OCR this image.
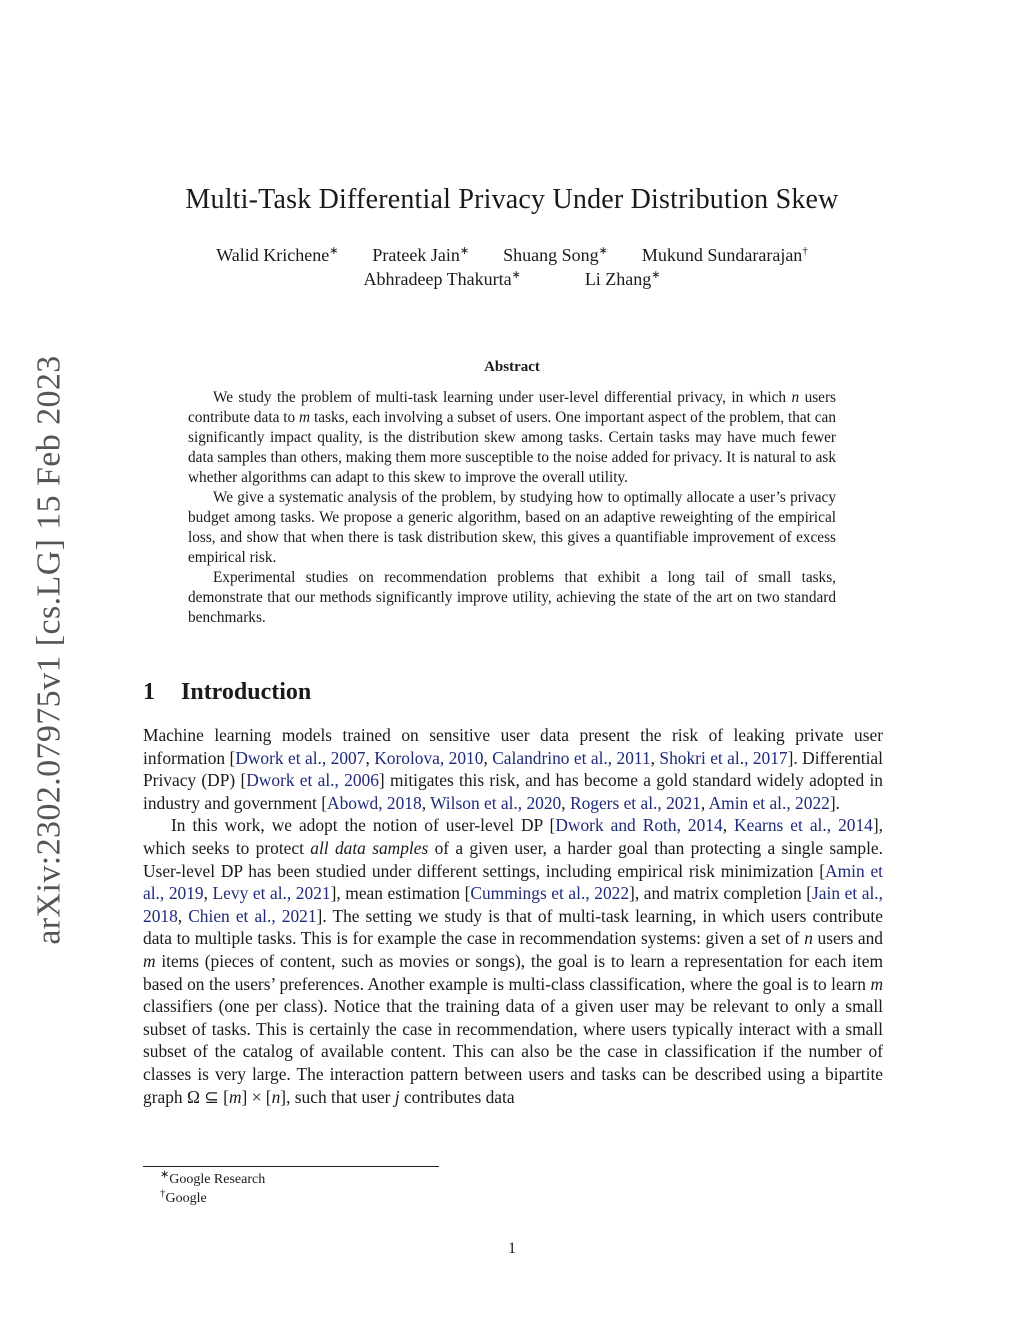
arXiv:2302.07975v1 [cs.LG] 15 Feb 2023
Multi-Task Differential Privacy Under Distribution Skew
Walid Krichene∗ Prateek Jain∗ Shuang Song∗ Mukund Sundararajan†
Abhradeep Thakurta∗	Li Zhang∗
Abstract

We study the problem of multi-task learning under user-level differential privacy, in which n users contribute data to m tasks, each involving a subset of users. One important aspect of the problem, that can significantly impact quality, is the distribution skew among tasks. Certain tasks may have much fewer data samples than others, making them more susceptible to the noise added for privacy. It is natural to ask whether algorithms can adapt to this skew to improve the overall utility.

We give a systematic analysis of the problem, by studying how to optimally allocate a user’s privacy budget among tasks. We propose a generic algorithm, based on an adaptive reweighting of the empirical loss, and show that when there is task distribution skew, this gives a quantifiable improvement of excess empirical risk.

Experimental studies on recommendation problems that exhibit a long tail of small tasks, demonstrate that our methods significantly improve utility, achieving the state of the art on two standard benchmarks.

1 Introduction

Machine learning models trained on sensitive user data present the risk of leaking private user information [Dwork et al., 2007, Korolova, 2010, Calandrino et al., 2011, Shokri et al., 2017]. Differential Privacy (DP) [Dwork et al., 2006] mitigates this risk, and has become a gold standard widely adopted in industry and government [Abowd, 2018, Wilson et al., 2020, Rogers et al., 2021, Amin et al., 2022].

In this work, we adopt the notion of user-level DP [Dwork and Roth, 2014, Kearns et al., 2014], which seeks to protect all data samples of a given user, a harder goal than protecting a single sample. User-level DP has been studied under different settings, including empirical risk minimization [Amin et al., 2019, Levy et al., 2021], mean estimation [Cummings et al., 2022], and matrix completion [Jain et al., 2018, Chien et al., 2021]. The setting we study is that of multi-task learning, in which users contribute data to multiple tasks. This is for example the case in recommendation systems: given a set of n users and m items (pieces of content, such as movies or songs), the goal is to learn a representation for each item based on the users’ preferences. Another example is multi-class classification, where the goal is to learn m classifiers (one per class). Notice that the training data of a given user may be relevant to only a small subset of tasks. This is certainly the case in recommendation, where users typically interact with a small subset of the catalog of available content. This can also be the case in classification if the number of classes is very large. The interaction pattern between users and tasks can be described using a bipartite graph Ω ⊆ [m] × [n], such that user j contributes data

∗Google Research
†Google
1
